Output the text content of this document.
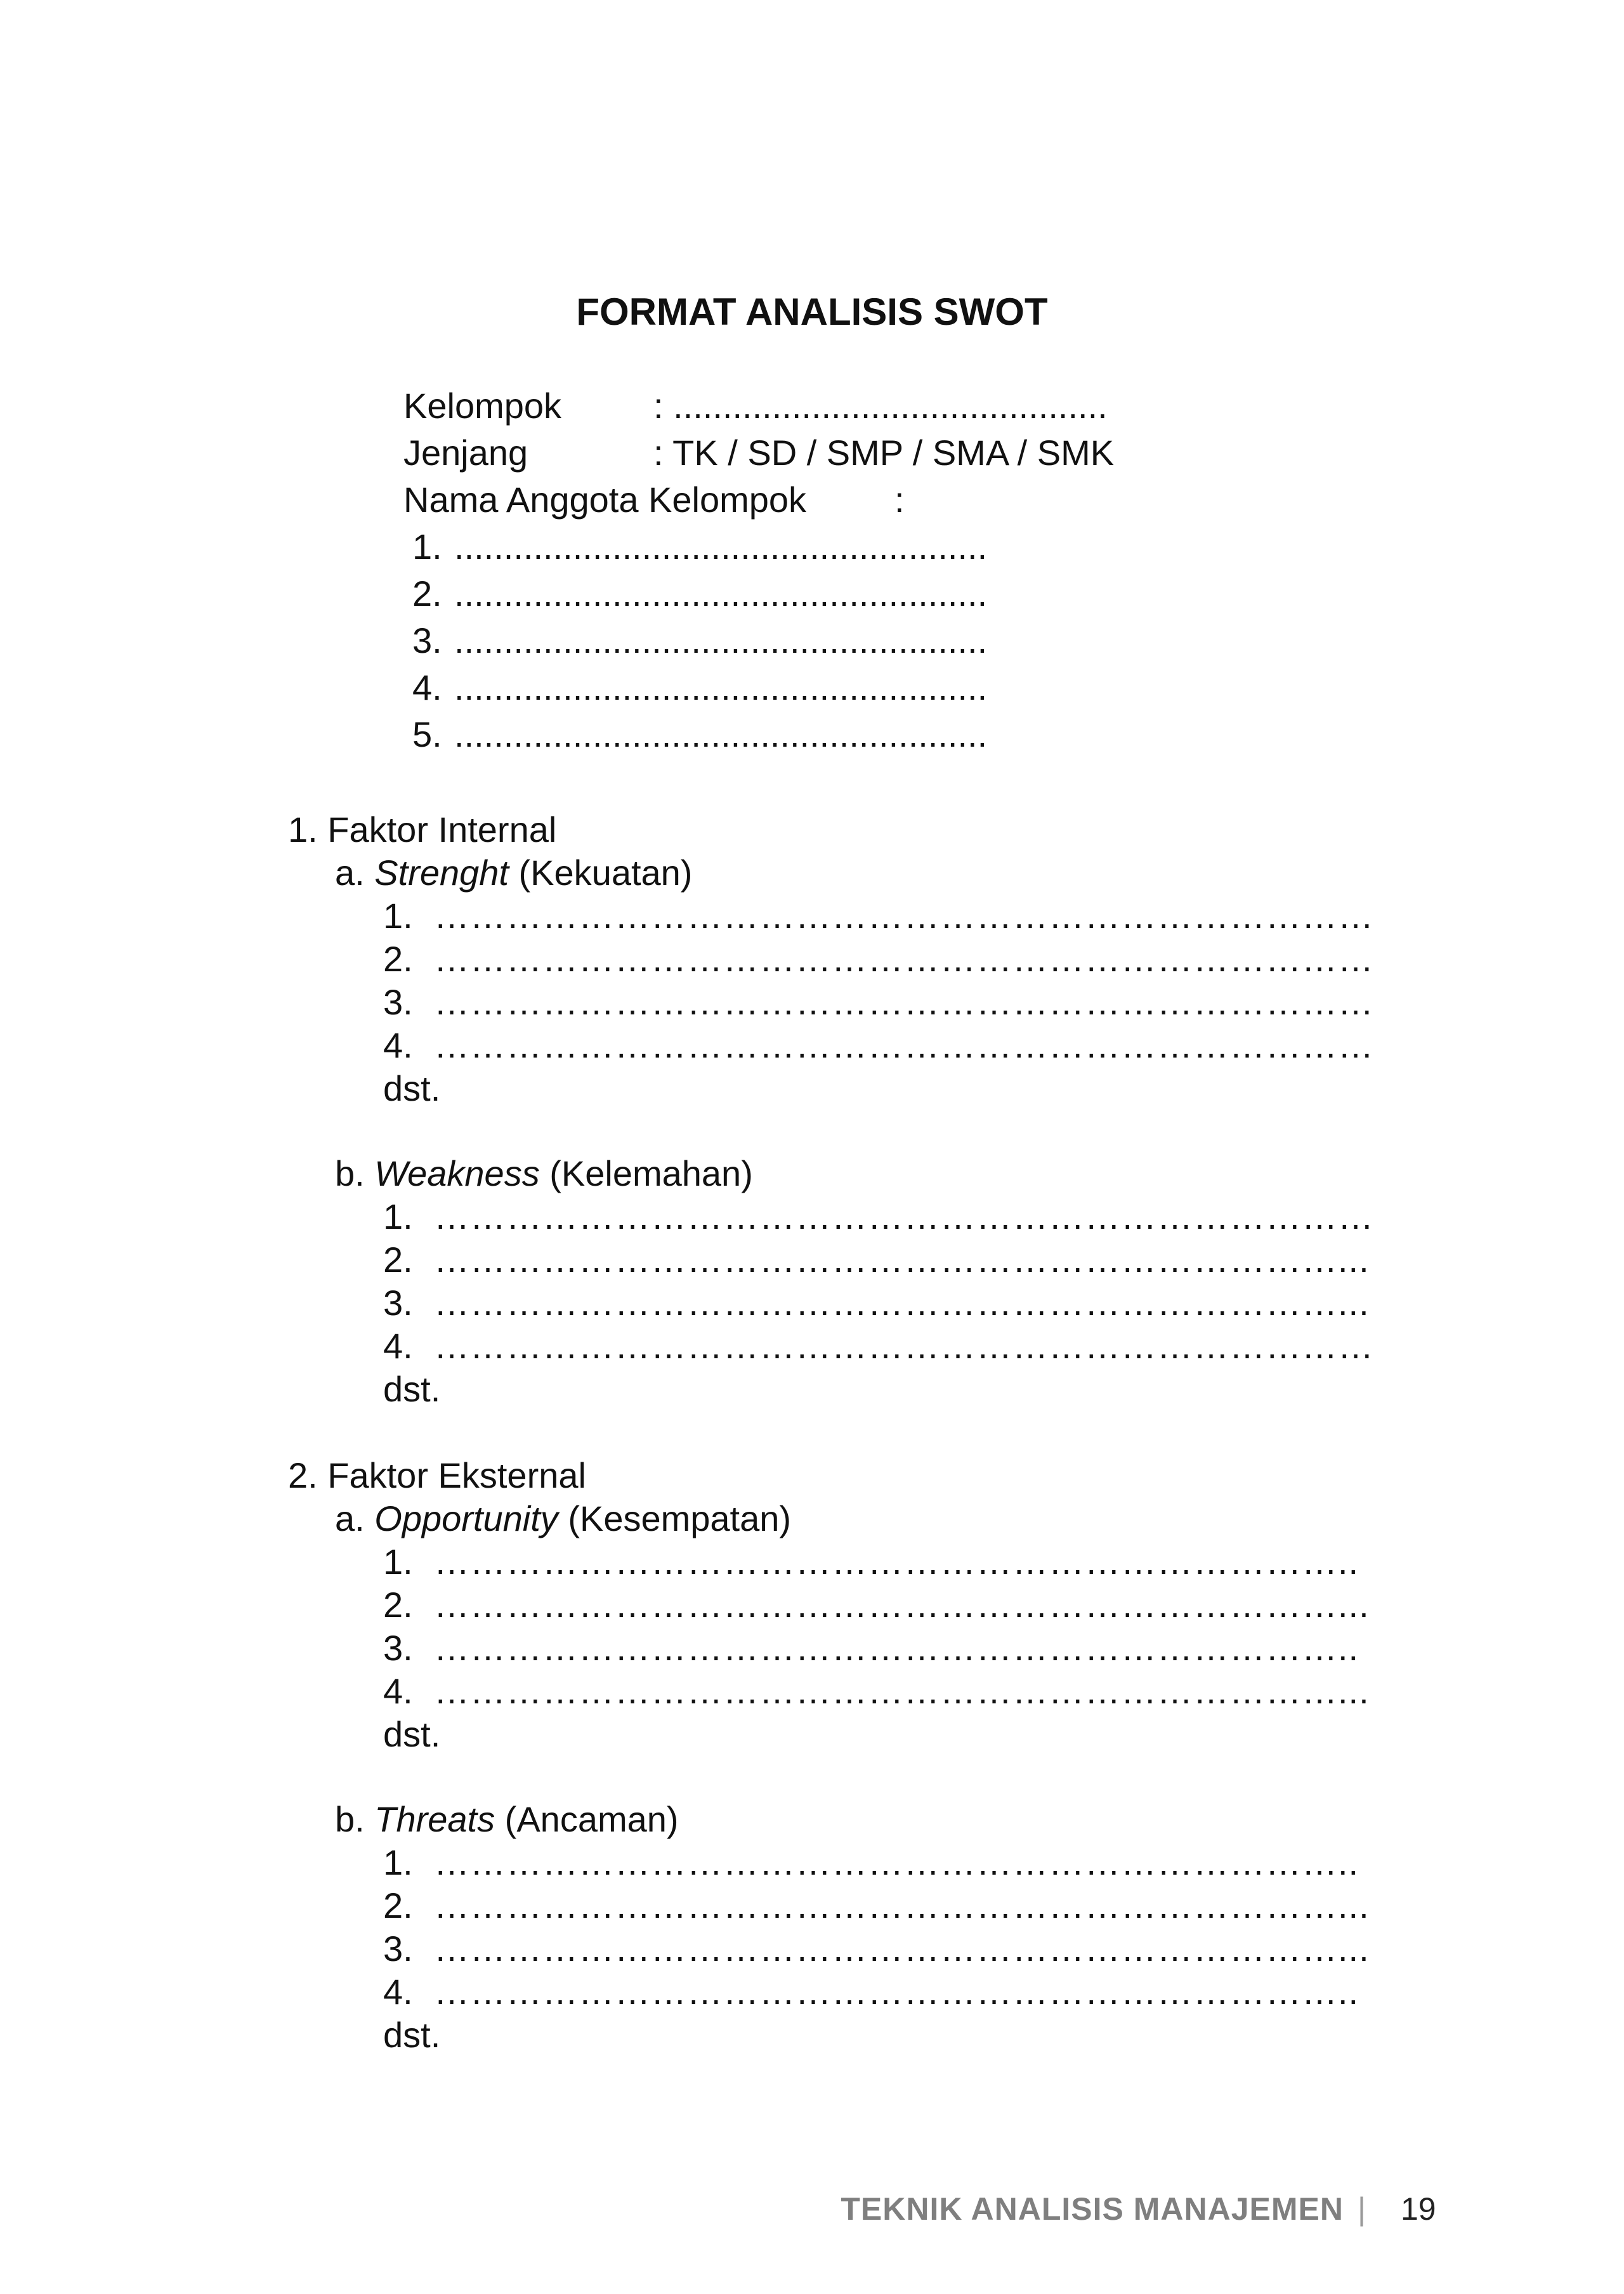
FORMAT ANALISIS SWOT
Kelompok	: ............................................
Jenjang	: TK / SD / SMP / SMA / SMK
Nama Anggota Kelompok :
1. ......................................................
2. ......................................................
3. ......................................................
4. ......................................................
5. ......................................................
1. Faktor Internal
a. Strenght (Kekuatan)
1. ……………………………………………………………………
2. ……………………………………………………………………
3. ……………………………………………………………………
4. ……………………………………………………………………
dst.
b. Weakness (Kelemahan)
1. ……………………………………………………………………
2. …………………………………………………………………...
3. …………………………………………………………………...
4. ……………………………………………………………………
dst.
2. Faktor Eksternal
a. Opportunity (Kesempatan)
1. …………………………………………………………………..
2. …………………………………………………………………...
3. …………………………………………………………………..
4. …………………………………………………………………...
dst.
b. Threats (Ancaman)
1. …………………………………………………………………..
2. …………………………………………………………………...
3. …………………………………………………………………...
4. …………………………………………………………………..
dst.
TEKNIK ANALISIS MANAJEMEN | 19
